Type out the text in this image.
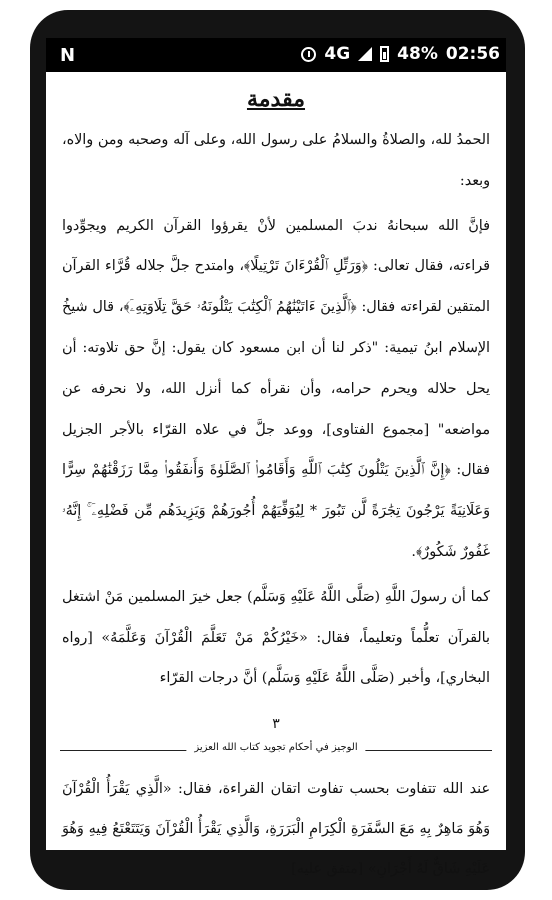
N	4G	48% 02:56
مقدمة
الحمدُ لله، والصلاةُ والسلامُ على رسول الله، وعلى آله وصحبه ومن والاه، وبعد:
فإنَّ الله سبحانهُ ندبَ المسلمين لأنْ يقرؤوا القرآن الكريم ويجوِّدوا قراءته، فقال تعالى: ﴿وَرَتِّلِ ٱلْقُرْءَانَ تَرْتِيلًا﴾، وامتدح جلَّ جلاله قُرَّاء القرآن المتقين لقراءته فقال: ﴿ٱلَّذِينَ ءَاتَيْنَٰهُمُ ٱلْكِتَٰبَ يَتْلُونَهُۥ حَقَّ تِلَاوَتِهِۦٓ﴾، قال شيخُ الإسلام ابنُ تيمية: "ذكر لنا أن ابن مسعود كان يقول: إنَّ حق تلاوته: أن يحل حلاله ويحرم حرامه، وأن نقرأه كما أنزل الله، ولا نحرفه عن مواضعه" [مجموع الفتاوى]، ووعد جلَّ في علاه القرّاء بالأجر الجزيل فقال: ﴿إِنَّ ٱلَّذِينَ يَتْلُونَ كِتَٰبَ ٱللَّهِ وَأَقَامُوا۟ ٱلصَّلَوٰةَ وَأَنفَقُوا۟ مِمَّا رَزَقْنَٰهُمْ سِرًّا وَعَلَانِيَةً يَرْجُونَ تِجَٰرَةً لَّن تَبُورَ * لِيُوَفِّيَهُمْ أُجُورَهُمْ وَيَزِيدَهُم مِّن فَضْلِهِۦٓ ۚ إِنَّهُۥ غَفُورٌ شَكُورٌ﴾.
كما أن رسولَ اللَّهِ (صَلَّى اللَّهُ عَلَيْهِ وَسَلَّم) جعل خيرَ المسلمين مَنْ اشتغل بالقرآن تعلُّماً وتعليماً، فقال: «خَيْرُكُمْ مَنْ تَعَلَّمَ الْقُرْآنَ وَعَلَّمَهُ» [رواه البخاري]، وأخبر (صَلَّى اللَّهُ عَلَيْهِ وَسَلَّم) أنَّ درجات القرّاء
٣
الوجيز في أحكام تجويد كتاب الله العزيز
عند الله تتفاوت بحسب تفاوت اتقان القراءة، فقال: «الَّذِي يَقْرَأُ الْقُرْآنَ وَهُوَ مَاهِرٌ بِهِ مَعَ السَّفَرَةِ الْكِرَامِ الْبَرَرَةِ، وَالَّذِي يَقْرَأُ الْقُرْآنَ وَيَتَتَعْتَعُ فِيهِ وَهُوَ عَلَيْهِ شَاقٌّ لَهُ أَجْرَانِ» [متفق عليه]
